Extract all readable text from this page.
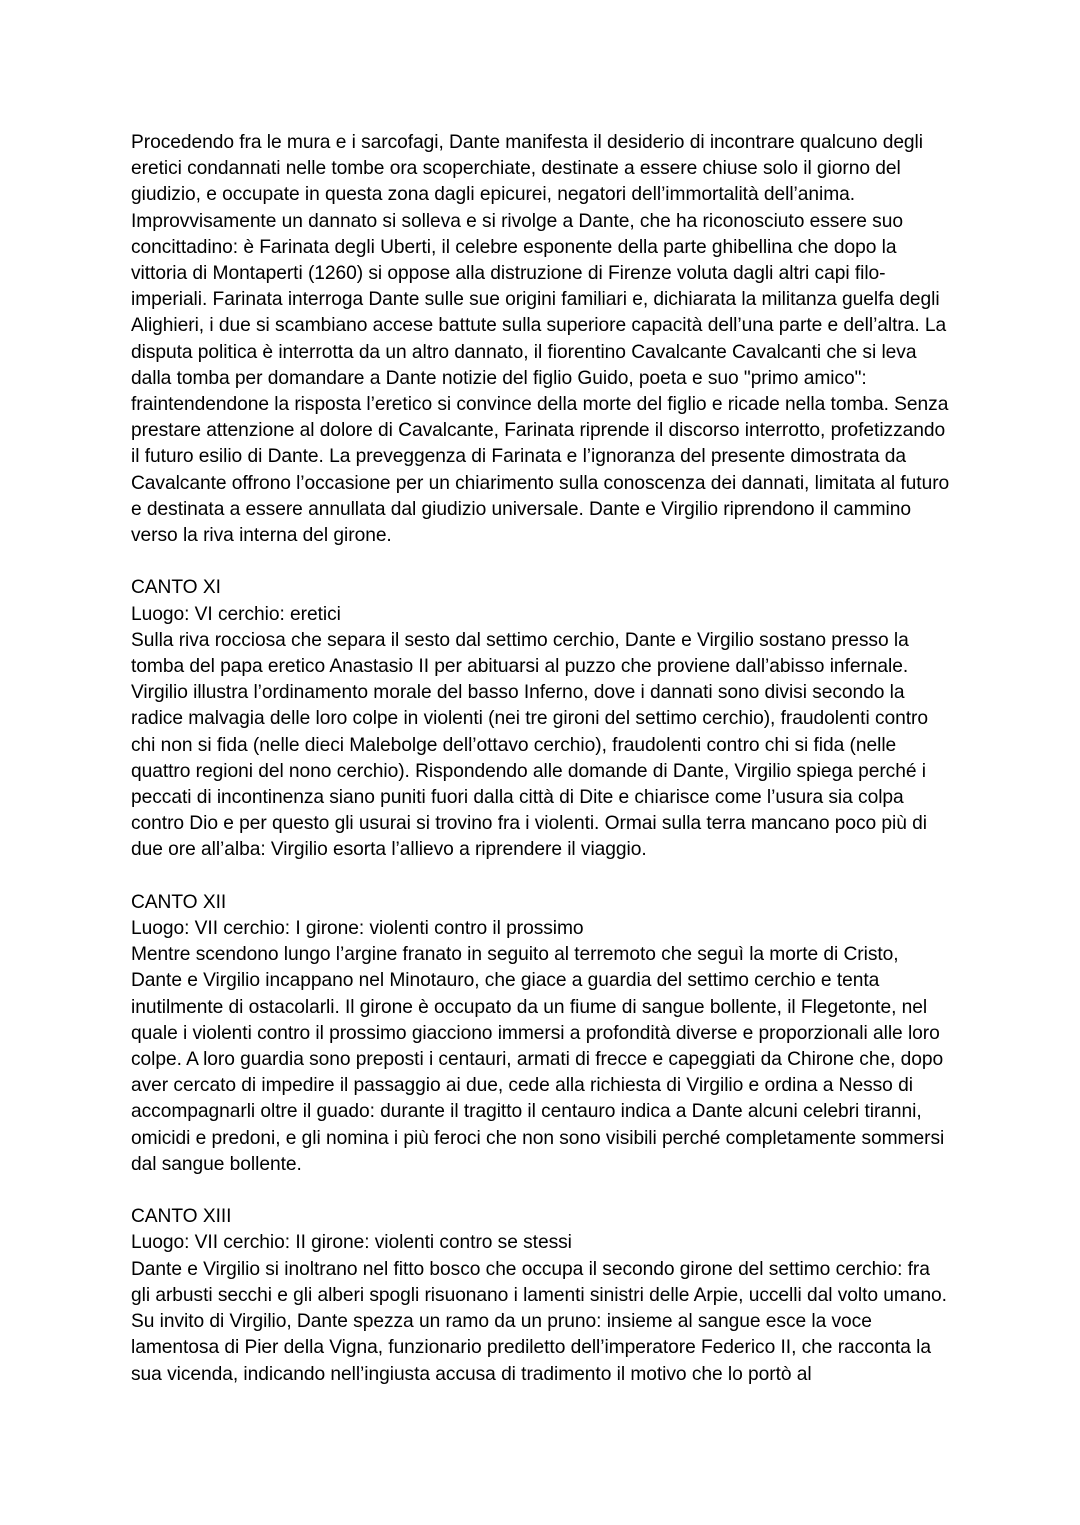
Procedendo fra le mura e i sarcofagi, Dante manifesta il desiderio di incontrare qualcuno degli eretici condannati nelle tombe ora scoperchiate, destinate a essere chiuse solo il giorno del giudizio, e occupate in questa zona dagli epicurei, negatori dell’immortalità dell’anima. Improvvisamente un dannato si solleva e si rivolge a Dante, che ha riconosciuto essere suo concittadino: è Farinata degli Uberti, il celebre esponente della parte ghibellina che dopo la vittoria di Montaperti (1260) si oppose alla distruzione di Firenze voluta dagli altri capi filo-imperiali. Farinata interroga Dante sulle sue origini familiari e, dichiarata la militanza guelfa degli Alighieri, i due si scambiano accese battute sulla superiore capacità dell’una parte e dell’altra. La disputa politica è interrotta da un altro dannato, il fiorentino Cavalcante Cavalcanti che si leva dalla tomba per domandare a Dante notizie del figlio Guido, poeta e suo "primo amico": fraintendendone la risposta l’eretico si convince della morte del figlio e ricade nella tomba. Senza prestare attenzione al dolore di Cavalcante, Farinata riprende il discorso interrotto, profetizzando il futuro esilio di Dante. La preveggenza di Farinata e l’ignoranza del presente dimostrata da Cavalcante offrono l’occasione per un chiarimento sulla conoscenza dei dannati, limitata al futuro e destinata a essere annullata dal giudizio universale. Dante e Virgilio riprendono il cammino verso la riva interna del girone.

CANTO XI

Luogo: VI cerchio: eretici

Sulla riva rocciosa che separa il sesto dal settimo cerchio, Dante e Virgilio sostano presso la tomba del papa eretico Anastasio II per abituarsi al puzzo che proviene dall’abisso infernale. Virgilio illustra l’ordinamento morale del basso Inferno, dove i dannati sono divisi secondo la radice malvagia delle loro colpe in violenti (nei tre gironi del settimo cerchio), fraudolenti contro chi non si fida (nelle dieci Malebolge dell’ottavo cerchio), fraudolenti contro chi si fida (nelle quattro regioni del nono cerchio). Rispondendo alle domande di Dante, Virgilio spiega perché i peccati di incontinenza siano puniti fuori dalla città di Dite e chiarisce come l’usura sia colpa contro Dio e per questo gli usurai si trovino fra i violenti. Ormai sulla terra mancano poco più di due ore all’alba: Virgilio esorta l’allievo a riprendere il viaggio.

CANTO XII

Luogo: VII cerchio: I girone: violenti contro il prossimo

Mentre scendono lungo l’argine franato in seguito al terremoto che seguì la morte di Cristo, Dante e Virgilio incappano nel Minotauro, che giace a guardia del settimo cerchio e tenta inutilmente di ostacolarli. Il girone è occupato da un fiume di sangue bollente, il Flegetonte, nel quale i violenti contro il prossimo giacciono immersi a profondità diverse e proporzionali alle loro colpe. A loro guardia sono preposti i centauri, armati di frecce e capeggiati da Chirone che, dopo aver cercato di impedire il passaggio ai due, cede alla richiesta di Virgilio e ordina a Nesso di accompagnarli oltre il guado: durante il tragitto il centauro indica a Dante alcuni celebri tiranni, omicidi e predoni, e gli nomina i più feroci che non sono visibili perché completamente sommersi dal sangue bollente.

CANTO XIII

Luogo: VII cerchio: II girone: violenti contro se stessi

Dante e Virgilio si inoltrano nel fitto bosco che occupa il secondo girone del settimo cerchio: fra gli arbusti secchi e gli alberi spogli risuonano i lamenti sinistri delle Arpie, uccelli dal volto umano. Su invito di Virgilio, Dante spezza un ramo da un pruno: insieme al sangue esce la voce lamentosa di Pier della Vigna, funzionario prediletto dell’imperatore Federico II, che racconta la sua vicenda, indicando nell’ingiusta accusa di tradimento il motivo che lo portò al
